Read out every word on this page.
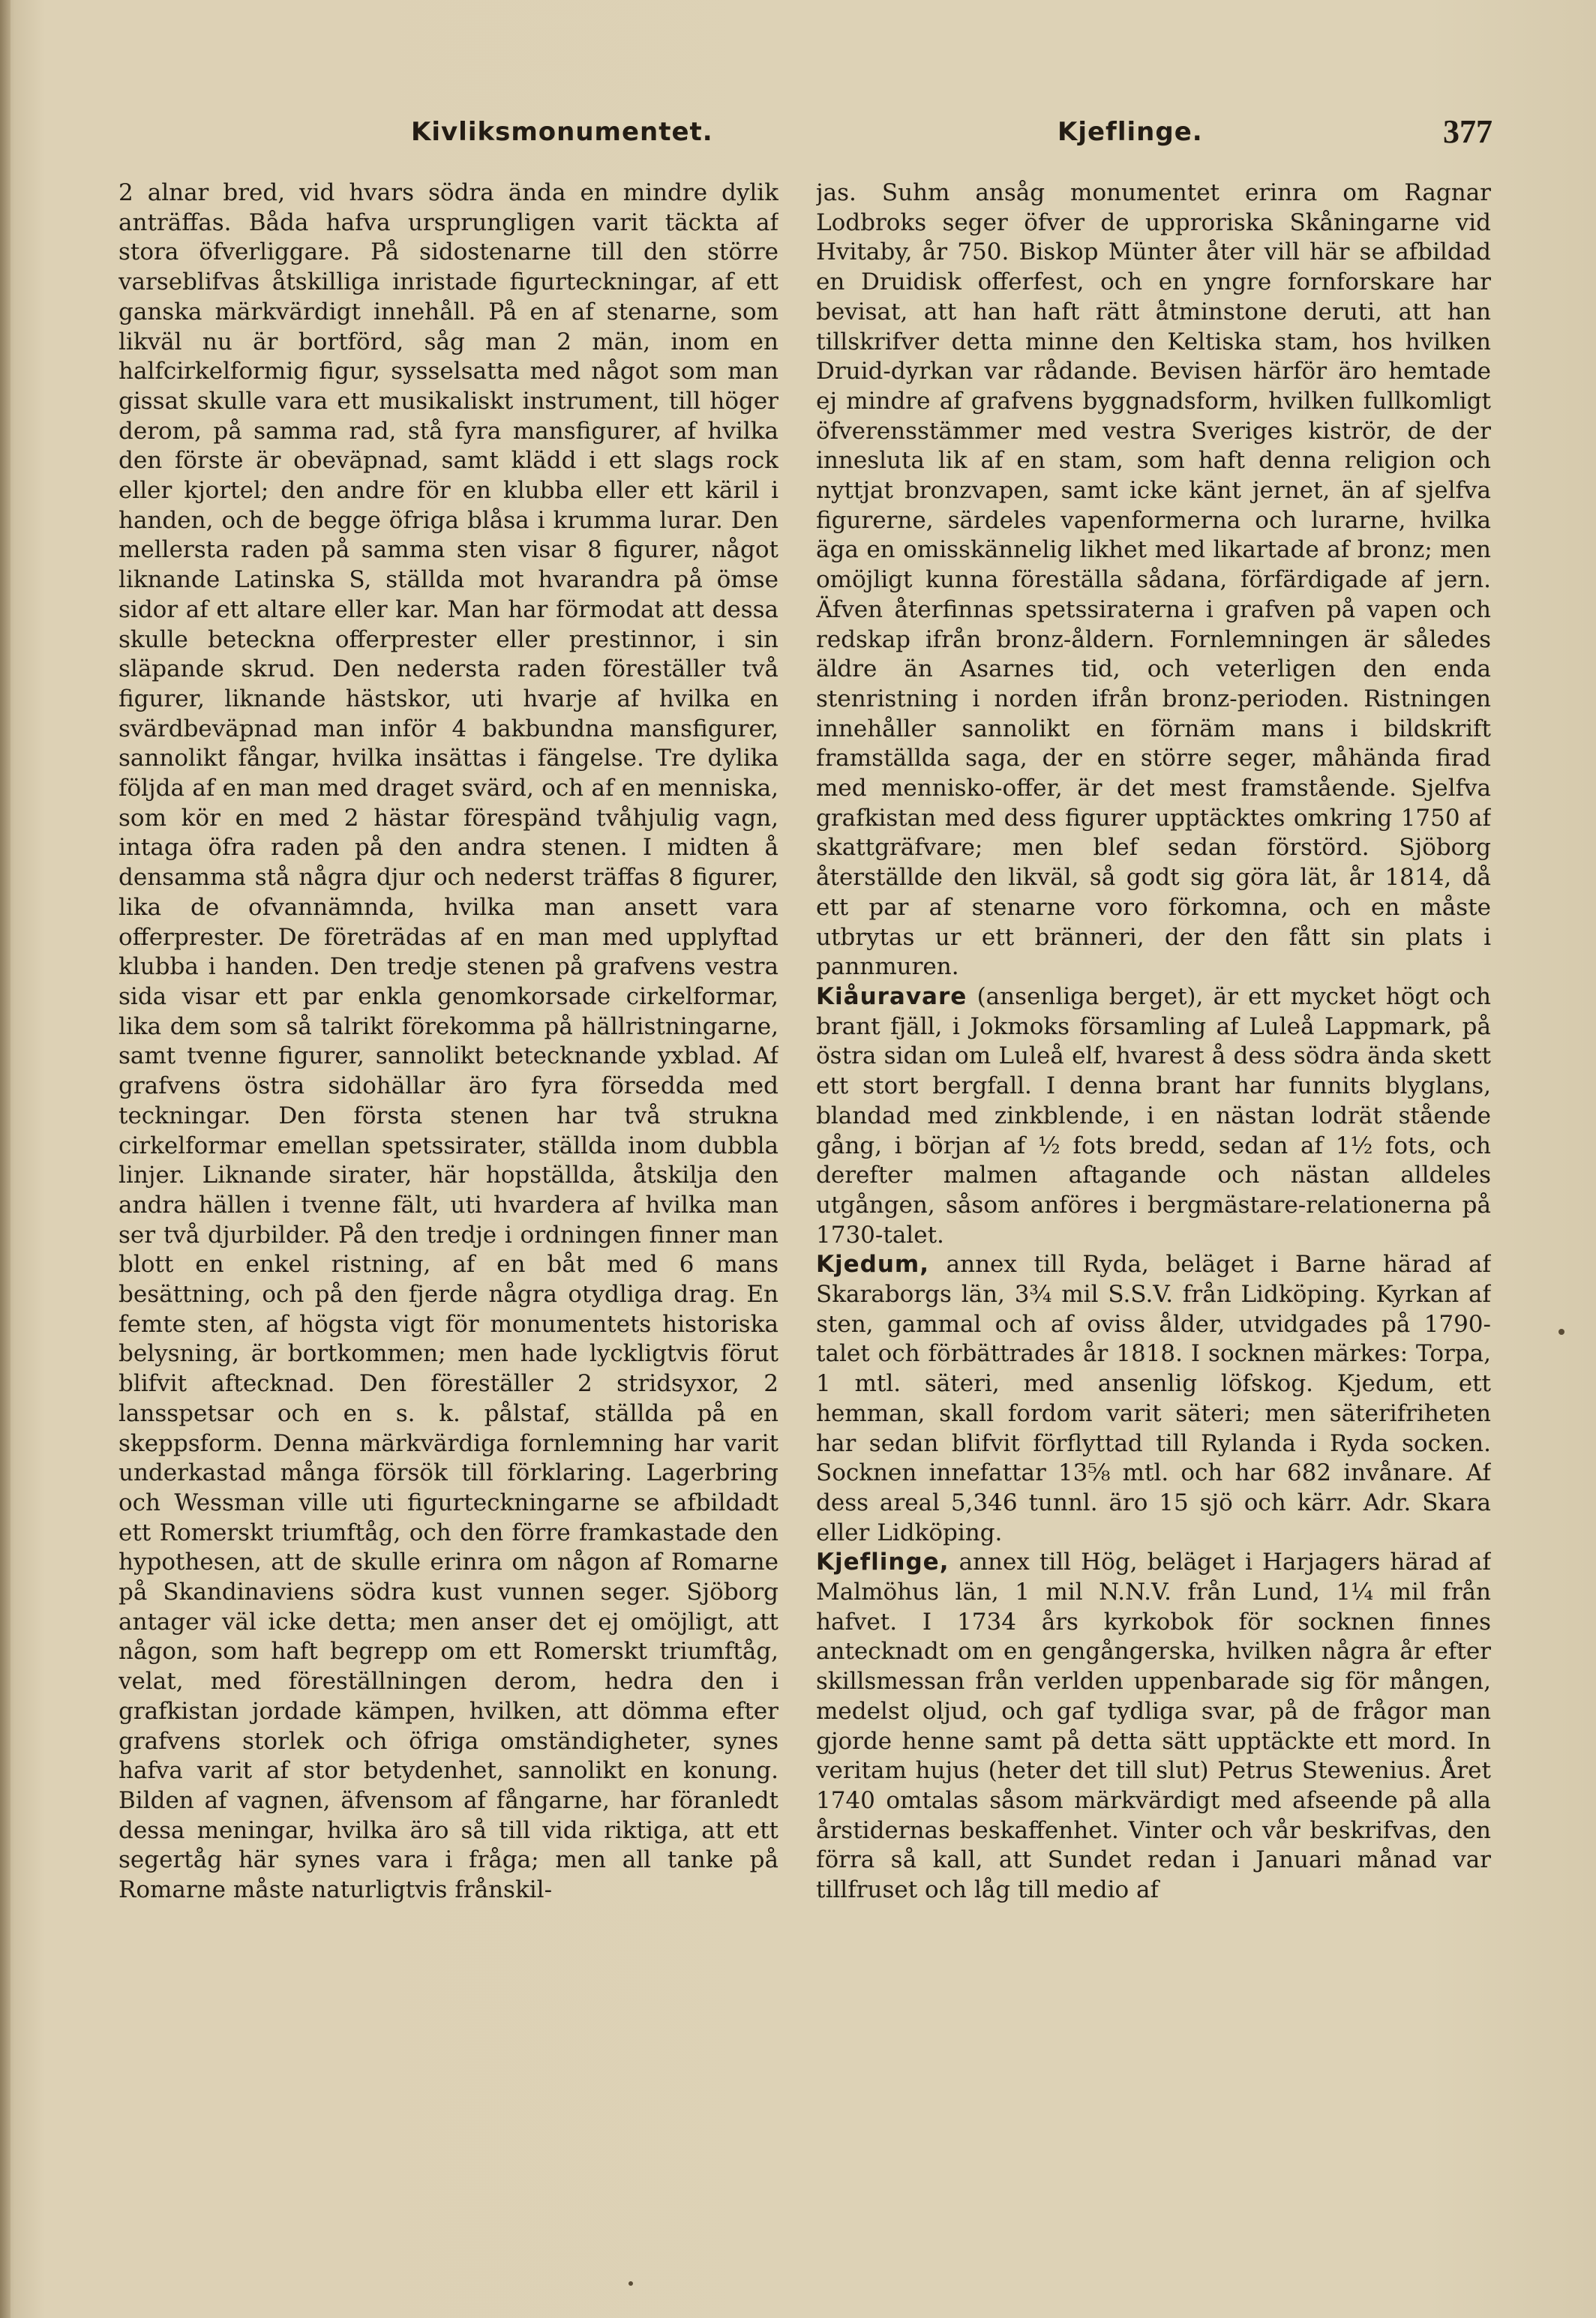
Kivliksmonumentet.	Kjeflinge.	377

2 alnar bred, vid hvars södra ända en mindre dylik anträffas. Båda hafva ursprungligen varit täckta af stora öfverliggare. På sidostenarne till den större varseblifvas åtskilliga inristade figurteckningar, af ett ganska märkvärdigt innehåll. På en af stenarne, som likväl nu är bortförd, såg man 2 män, inom en halfcirkelformig figur, sysselsatta med något som man gissat skulle vara ett musikaliskt instrument, till höger derom, på samma rad, stå fyra mansfigurer, af hvilka den förste är obeväpnad, samt klädd i ett slags rock eller kjortel; den andre för en klubba eller ett käril i handen, och de begge öfriga blåsa i krumma lurar. Den mellersta raden på samma sten visar 8 figurer, något liknande Latinska S, ställda mot hvarandra på ömse sidor af ett altare eller kar. Man har förmodat att dessa skulle beteckna offerprester eller prestinnor, i sin släpande skrud. Den nedersta raden föreställer två figurer, liknande hästskor, uti hvarje af hvilka en svärdbeväpnad man inför 4 bakbundna mansfigurer, sannolikt fångar, hvilka insättas i fängelse. Tre dylika följda af en man med draget svärd, och af en menniska, som kör en med 2 hästar förespänd tvåhjulig vagn, intaga öfra raden på den andra stenen. I midten å densamma stå några djur och nederst träffas 8 figurer, lika de ofvannämnda, hvilka man ansett vara offerprester. De företrädas af en man med upplyftad klubba i handen. Den tredje stenen på grafvens vestra sida visar ett par enkla genomkorsade cirkelformar, lika dem som så talrikt förekomma på hällristningarne, samt tvenne figurer, sannolikt betecknande yxblad. Af grafvens östra sidohällar äro fyra försedda med teckningar. Den första stenen har två strukna cirkelformar emellan spetssirater, ställda inom dubbla linjer. Liknande sirater, här hopställda, åtskilja den andra hällen i tvenne fält, uti hvardera af hvilka man ser två djurbilder. På den tredje i ordningen finner man blott en enkel ristning, af en båt med 6 mans besättning, och på den fjerde några otydliga drag. En femte sten, af högsta vigt för monumentets historiska belysning, är bortkommen; men hade lyckligtvis förut blifvit aftecknad. Den föreställer 2 stridsyxor, 2 lansspetsar och en s. k. pålstaf, ställda på en skeppsform. Denna märkvärdiga fornlemning har varit underkastad många försök till förklaring. Lagerbring och Wessman ville uti figurteckningarne se afbildadt ett Romerskt triumftåg, och den förre framkastade den hypothesen, att de skulle erinra om någon af Romarne på Skandinaviens södra kust vunnen seger. Sjöborg antager väl icke detta; men anser det ej omöjligt, att någon, som haft begrepp om ett Romerskt triumftåg, velat, med föreställningen derom, hedra den i grafkistan jordade kämpen, hvilken, att dömma efter grafvens storlek och öfriga omständigheter, synes hafva varit af stor betydenhet, sannolikt en konung. Bilden af vagnen, äfvensom af fångarne, har föranledt dessa meningar, hvilka äro så till vida riktiga, att ett segertåg här synes vara i fråga; men all tanke på Romarne måste naturligtvis frånskil-

jas. Suhm ansåg monumentet erinra om Ragnar Lodbroks seger öfver de upproriska Skåningarne vid Hvitaby, år 750. Biskop Münter åter vill här se afbildad en Druidisk offerfest, och en yngre fornforskare har bevisat, att han haft rätt åtminstone deruti, att han tillskrifver detta minne den Keltiska stam, hos hvilken Druid-dyrkan var rådande. Bevisen härför äro hemtade ej mindre af grafvens byggnadsform, hvilken fullkomligt öfverensstämmer med vestra Sveriges kiströr, de der innesluta lik af en stam, som haft denna religion och nyttjat bronzvapen, samt icke känt jernet, än af sjelfva figurerne, särdeles vapenformerna och lurarne, hvilka äga en omisskännelig likhet med likartade af bronz; men omöjligt kunna föreställa sådana, förfärdigade af jern. Äfven återfinnas spetssiraterna i grafven på vapen och redskap ifrån bronz-åldern. Fornlemningen är således äldre än Asarnes tid, och veterligen den enda stenristning i norden ifrån bronz-perioden. Ristningen innehåller sannolikt en förnäm mans i bildskrift framställda saga, der en större seger, måhända firad med mennisko-offer, är det mest framstående. Sjelfva grafkistan med dess figurer upptäcktes omkring 1750 af skattgräfvare; men blef sedan förstörd. Sjöborg återställde den likväl, så godt sig göra lät, år 1814, då ett par af stenarne voro förkomna, och en måste utbrytas ur ett bränneri, der den fått sin plats i pannmuren.

Kiåuravare (ansenliga berget), är ett mycket högt och brant fjäll, i Jokmoks församling af Luleå Lappmark, på östra sidan om Luleå elf, hvarest å dess södra ända skett ett stort bergfall. I denna brant har funnits blyglans, blandad med zinkblende, i en nästan lodrät stående gång, i början af ½ fots bredd, sedan af 1½ fots, och derefter malmen aftagande och nästan alldeles utgången, såsom anföres i bergmästare-relationerna på 1730-talet.

Kjedum, annex till Ryda, beläget i Barne härad af Skaraborgs län, 3¾ mil S.S.V. från Lidköping. Kyrkan af sten, gammal och af oviss ålder, utvidgades på 1790-talet och förbättrades år 1818. I socknen märkes: Torpa, 1 mtl. säteri, med ansenlig löfskog. Kjedum, ett hemman, skall fordom varit säteri; men säterifriheten har sedan blifvit förflyttad till Rylanda i Ryda socken. Socknen innefattar 13⅝ mtl. och har 682 invånare. Af dess areal 5,346 tunnl. äro 15 sjö och kärr. Adr. Skara eller Lidköping.

Kjeflinge, annex till Hög, beläget i Harjagers härad af Malmöhus län, 1 mil N.N.V. från Lund, 1¼ mil från hafvet. I 1734 års kyrkobok för socknen finnes antecknadt om en gengångerska, hvilken några år efter skillsmessan från verlden uppenbarade sig för mången, medelst oljud, och gaf tydliga svar, på de frågor man gjorde henne samt på detta sätt upptäckte ett mord. In veritam hujus (heter det till slut) Petrus Stewenius. Året 1740 omtalas såsom märkvärdigt med afseende på alla årstidernas beskaffenhet. Vinter och vår beskrifvas, den förra så kall, att Sundet redan i Januari månad var tillfruset och låg till medio af
